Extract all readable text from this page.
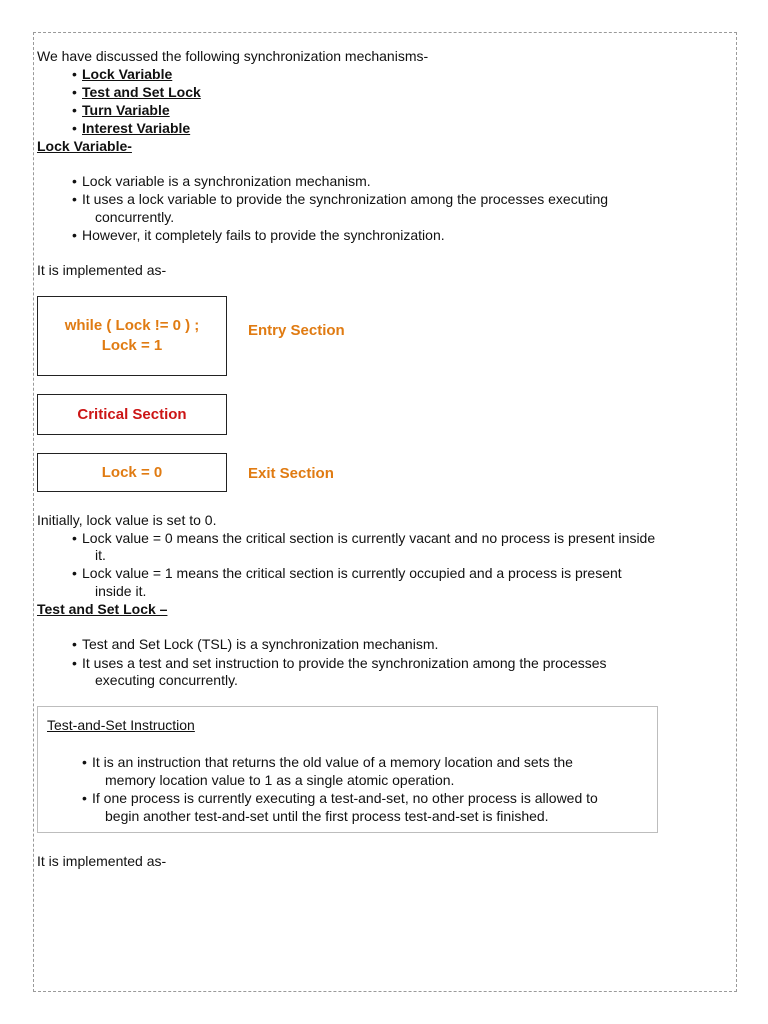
We have discussed the following synchronization mechanisms-
• Lock Variable
• Test and Set Lock
• Turn Variable
• Interest Variable
Lock Variable-
• Lock variable is a synchronization mechanism.
• It uses a lock variable to provide the synchronization among the processes executing
concurrently.
• However, it completely fails to provide the synchronization.
It is implemented as-
while ( Lock != 0 ) ;
Lock = 1
Entry Section
Critical Section
Lock = 0	Exit Section
Initially, lock value is set to 0.
• Lock value = 0 means the critical section is currently vacant and no process is present inside
it.
• Lock value = 1 means the critical section is currently occupied and a process is present
inside it.
Test and Set Lock –
• Test and Set Lock (TSL) is a synchronization mechanism.
• It uses a test and set instruction to provide the synchronization among the processes
executing concurrently.
Test-and-Set Instruction
• It is an instruction that returns the old value of a memory location and sets the
memory location value to 1 as a single atomic operation.
• If one process is currently executing a test-and-set, no other process is allowed to
begin another test-and-set until the first process test-and-set is finished.
It is implemented as-
